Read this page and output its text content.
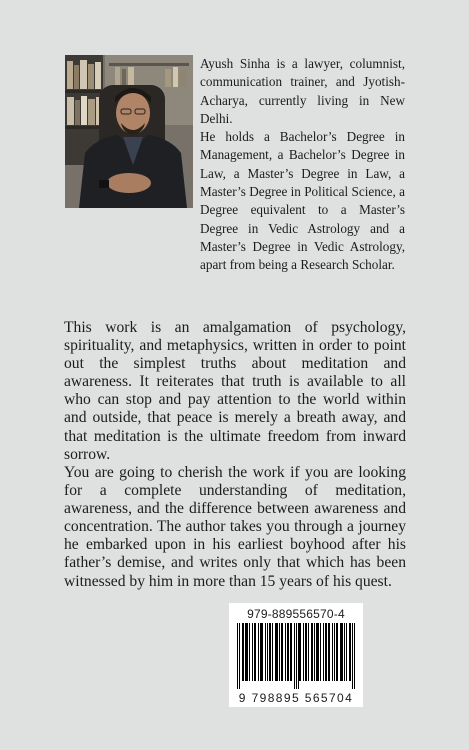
Ayush Sinha is a lawyer, columnist, communication trainer, and Jyotish-Acharya, currently living in New Delhi.

He holds a Bachelor’s Degree in Management, a Bachelor’s Degree in Law, a Master’s Degree in Law, a Master’s Degree in Political Science, a Degree equivalent to a Master’s Degree in Vedic Astrology and a Master’s Degree in Vedic Astrology, apart from being a Research Scholar.

This work is an amalgamation of psychology, spirituality, and metaphysics, written in order to point out the simplest truths about meditation and awareness. It reiterates that truth is available to all who can stop and pay attention to the world within and outside, that peace is merely a breath away, and that meditation is the ultimate freedom from inward sorrow.

You are going to cherish the work if you are looking for a complete understanding of meditation, awareness, and the difference between awareness and concentration. The author takes you through a journey he embarked upon in his earliest boyhood after his father’s demise, and writes only that which has been witnessed by him in more than 15 years of his quest.

979-889556570-4
9 798895 565704
